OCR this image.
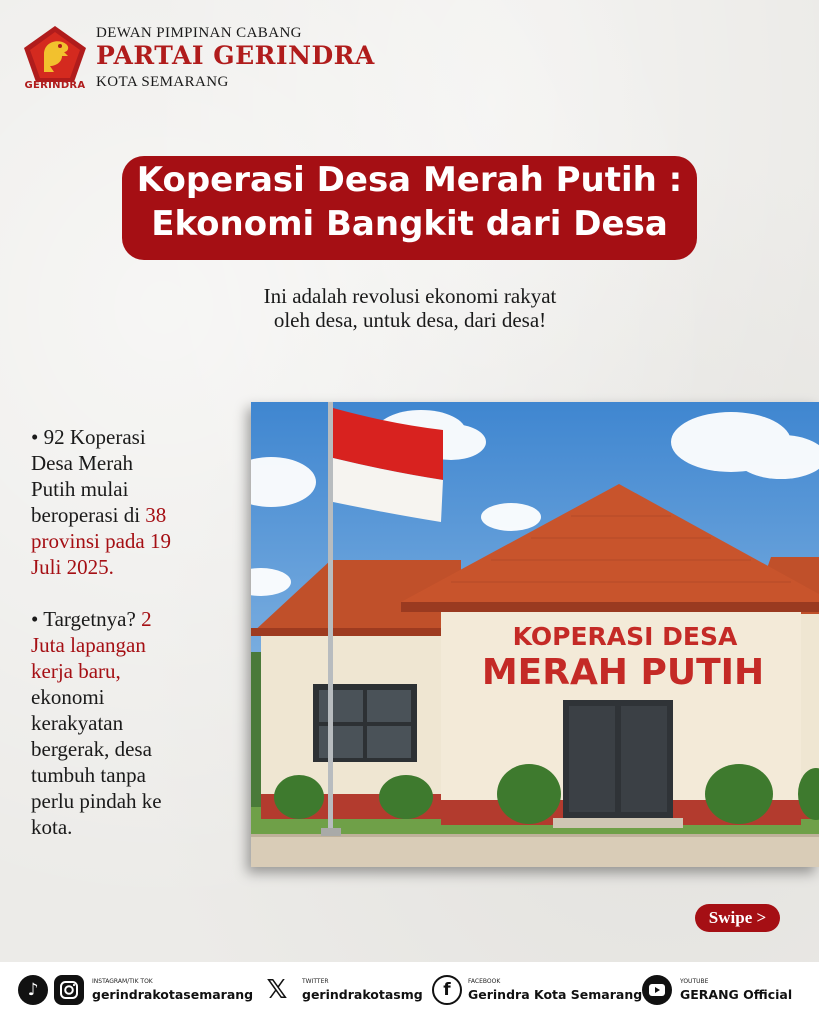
GERINDRA
DEWAN PIMPINAN CABANG
PARTAI GERINDRA
KOTA SEMARANG
Koperasi Desa Merah Putih :
Ekonomi Bangkit dari Desa
Ini adalah revolusi ekonomi rakyat
oleh desa, untuk desa, dari desa!

• 92 Koperasi
Desa Merah
Putih mulai
beroperasi di 38
provinsi pada 19
Juli 2025.

• Targetnya? 2
Juta lapangan
kerja baru,
ekonomi
kerakyatan
bergerak, desa
tumbuh tanpa
perlu pindah ke
kota.

KOPERASI DESA
MERAH PUTIH
Swipe >
♪	INSTAGRAM/TIK TOK
gerindrakotasemarang 𝕏	TWITTER
gerindrakotasmg	f	FACEBOOK
Gerindra Kota Semarang
YOUTUBE
GERANG Official
